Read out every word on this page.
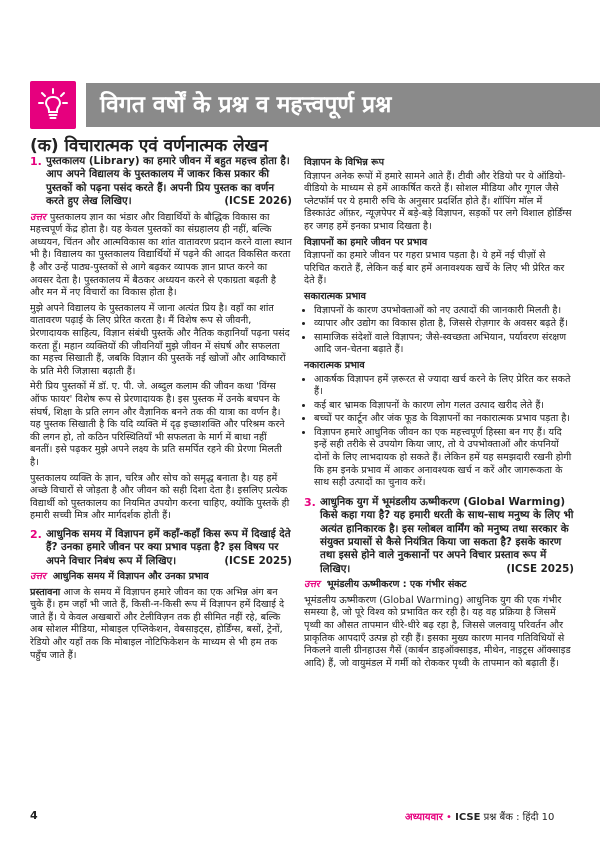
विगत वर्षों के प्रश्न व महत्त्वपूर्ण प्रश्न
(क) विचारात्मक एवं वर्णनात्मक लेखन
1. पुस्तकालय (Library) का हमारे जीवन में बहुत महत्त्व होता है। आप अपने विद्यालय के पुस्तकालय में जाकर किस प्रकार की पुस्तकों को पढ़ना पसंद करते हैं। अपनी प्रिय पुस्तक का वर्णन करते हुए लेख लिखिए।	(ICSE 2026)

उत्तर पुस्तकालय ज्ञान का भंडार और विद्यार्थियों के बौद्धिक विकास का महत्त्वपूर्ण केंद्र होता है। यह केवल पुस्तकों का संग्रहालय ही नहीं, बल्कि अध्ययन, चिंतन और आत्मविकास का शांत वातावरण प्रदान करने वाला स्थान भी है। विद्यालय का पुस्तकालय विद्यार्थियों में पढ़ने की आदत विकसित करता है और उन्हें पाठ्य-पुस्तकों से आगे बढ़कर व्यापक ज्ञान प्राप्त करने का अवसर देता है। पुस्तकालय में बैठकर अध्ययन करने से एकाग्रता बढ़ती है और मन में नए विचारों का विकास होता है।

मुझे अपने विद्यालय के पुस्तकालय में जाना अत्यंत प्रिय है। वहाँ का शांत वातावरण पढ़ाई के लिए प्रेरित करता है। मैं विशेष रूप से जीवनी, प्रेरणादायक साहित्य, विज्ञान संबंधी पुस्तकें और नैतिक कहानियाँ पढ़ना पसंद करता हूँ। महान व्यक्तियों की जीवनियाँ मुझे जीवन में संघर्ष और सफलता का महत्त्व सिखाती हैं, जबकि विज्ञान की पुस्तकें नई खोजों और आविष्कारों के प्रति मेरी जिज्ञासा बढ़ाती हैं।

मेरी प्रिय पुस्तकों में डॉ. ए. पी. जे. अब्दुल कलाम की जीवन कथा 'विंग्स ऑफ फायर' विशेष रूप से प्रेरणादायक है। इस पुस्तक में उनके बचपन के संघर्ष, शिक्षा के प्रति लगन और वैज्ञानिक बनने तक की यात्रा का वर्णन है। यह पुस्तक सिखाती है कि यदि व्यक्ति में दृढ़ इच्छाशक्ति और परिश्रम करने की लगन हो, तो कठिन परिस्थितियाँ भी सफलता के मार्ग में बाधा नहीं बनतीं। इसे पढ़कर मुझे अपने लक्ष्य के प्रति समर्पित रहने की प्रेरणा मिलती है।

पुस्तकालय व्यक्ति के ज्ञान, चरित्र और सोच को समृद्ध बनाता है। यह हमें अच्छे विचारों से जोड़ता है और जीवन को सही दिशा देता है। इसलिए प्रत्येक विद्यार्थी को पुस्तकालय का नियमित उपयोग करना चाहिए, क्योंकि पुस्तकें ही हमारी सच्ची मित्र और मार्गदर्शक होती हैं।

2. आधुनिक समय में विज्ञापन हमें कहाँ-कहाँ किस रूप में दिखाई देते हैं? उनका हमारे जीवन पर क्या प्रभाव पड़ता है? इस विषय पर अपने विचार निबंध रूप में लिखिए।	(ICSE 2025)

उत्तर आधुनिक समय में विज्ञापन और उनका प्रभाव

प्रस्तावना आज के समय में विज्ञापन हमारे जीवन का एक अभिन्न अंग बन चुके हैं। हम जहाँ भी जाते हैं, किसी-न-किसी रूप में विज्ञापन हमें दिखाई दे जाते हैं। ये केवल अखबारों और टेलीविज़न तक ही सीमित नहीं रहे, बल्कि अब सोशल मीडिया, मोबाइल एप्लिकेशन, वेबसाइट्स, होर्डिंग्स, बसों, ट्रेनों, रेडियो और यहाँ तक कि मोबाइल नोटिफिकेशन के माध्यम से भी हम तक पहुँच जाते हैं।

विज्ञापन के विभिन्न रूप

विज्ञापन अनेक रूपों में हमारे सामने आते हैं। टीवी और रेडियो पर ये ऑडियो-वीडियो के माध्यम से हमें आकर्षित करते हैं। सोशल मीडिया और गूगल जैसे प्लेटफॉर्म पर ये हमारी रुचि के अनुसार प्रदर्शित होते हैं। शॉपिंग मॉल में डिस्काउंट ऑफ़र, न्यूज़पेपर में बड़े-बड़े विज्ञापन, सड़कों पर लगे विशाल होर्डिंग्स हर जगह हमें इनका प्रभाव दिखता है।

विज्ञापनों का हमारे जीवन पर प्रभाव

विज्ञापनों का हमारे जीवन पर गहरा प्रभाव पड़ता है। ये हमें नई चीज़ों से परिचित कराते हैं, लेकिन कई बार हमें अनावश्यक खर्चे के लिए भी प्रेरित कर देते हैं।

सकारात्मक प्रभाव
• विज्ञापनों के कारण उपभोक्ताओं को नए उत्पादों की जानकारी मिलती है।
• व्यापार और उद्योग का विकास होता है, जिससे रोज़गार के अवसर बढ़ते हैं।
• सामाजिक संदेशों वाले विज्ञापन; जैसे-स्वच्छता अभियान, पर्यावरण संरक्षण आदि जन-चेतना बढ़ाते हैं।
नकारात्मक प्रभाव
• आकर्षक विज्ञापन हमें ज़रूरत से ज्यादा खर्च करने के लिए प्रेरित कर सकते हैं।
• कई बार भ्रामक विज्ञापनों के कारण लोग गलत उत्पाद खरीद लेते हैं।
• बच्चों पर कार्टून और जंक फूड के विज्ञापनों का नकारात्मक प्रभाव पड़ता है।
• विज्ञापन हमारे आधुनिक जीवन का एक महत्त्वपूर्ण हिस्सा बन गए हैं। यदि इन्हें सही तरीके से उपयोग किया जाए, तो ये उपभोक्ताओं और कंपनियों दोनों के लिए लाभदायक हो सकते हैं। लेकिन हमें यह समझदारी रखनी होगी कि हम इनके प्रभाव में आकर अनावश्यक खर्च न करें और जागरूकता के साथ सही उत्पादों का चुनाव करें।
3. आधुनिक युग में भूमंडलीय ऊष्मीकरण (Global Warming) किसे कहा गया है? यह हमारी धरती के साथ-साथ मनुष्य के लिए भी अत्यंत हानिकारक है। इस ग्लोबल वार्मिंग को मनुष्य तथा सरकार के संयुक्त प्रयासों से कैसे नियंत्रित किया जा सकता है? इसके कारण तथा इससे होने वाले नुकसानों पर अपने विचार प्रस्ताव रूप में लिखिए।	(ICSE 2025)

उत्तर भूमंडलीय ऊष्मीकरण : एक गंभीर संकट

भूमंडलीय ऊष्मीकरण (Global Warming) आधुनिक युग की एक गंभीर समस्या है, जो पूरे विश्व को प्रभावित कर रही है। यह वह प्रक्रिया है जिसमें पृथ्वी का औसत तापमान धीरे-धीरे बढ़ रहा है, जिससे जलवायु परिवर्तन और प्राकृतिक आपदाएँ उत्पन्न हो रही हैं। इसका मुख्य कारण मानव गतिविधियों से निकलने वाली ग्रीनहाउस गैसें (कार्बन डाइऑक्साइड, मीथेन, नाइट्रस ऑक्साइड आदि) हैं, जो वायुमंडल में गर्मी को रोककर पृथ्वी के तापमान को बढ़ाती हैं।

4	अध्यायवार • ICSE प्रश्न बैंक : हिंदी 10
